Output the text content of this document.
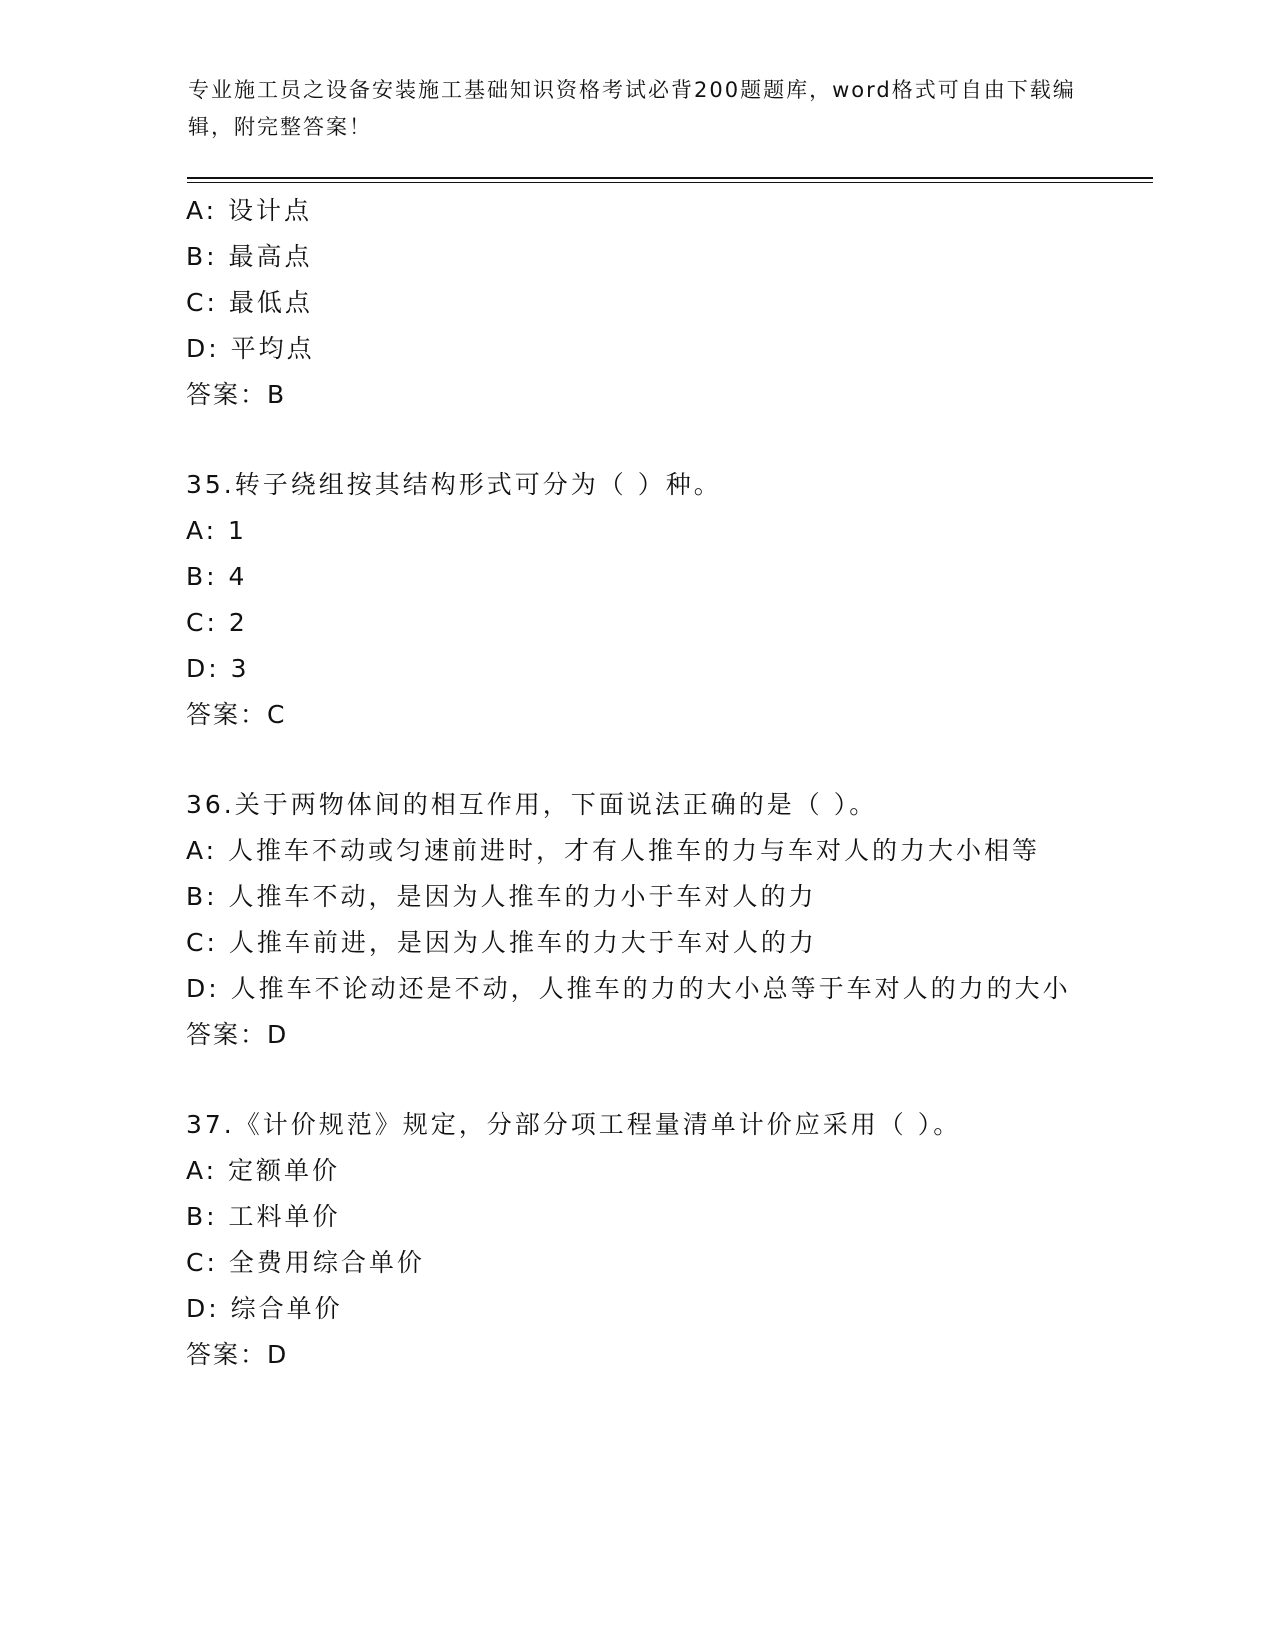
专业施工员之设备安装施工基础知识资格考试必背200题题库，word格式可自由下载编辑，附完整答案！
A: 设计点
B: 最高点
C: 最低点
D: 平均点
答案：B
35.转子绕组按其结构形式可分为（ ）种。
A: 1
B: 4
C: 2
D: 3
答案：C
36.关于两物体间的相互作用，下面说法正确的是（ ）。
A: 人推车不动或匀速前进时，才有人推车的力与车对人的力大小相等
B: 人推车不动，是因为人推车的力小于车对人的力
C: 人推车前进，是因为人推车的力大于车对人的力
D: 人推车不论动还是不动，人推车的力的大小总等于车对人的力的大小
答案：D
37.《计价规范》规定，分部分项工程量清单计价应采用（ ）。
A: 定额单价
B: 工料单价
C: 全费用综合单价
D: 综合单价
答案：D
